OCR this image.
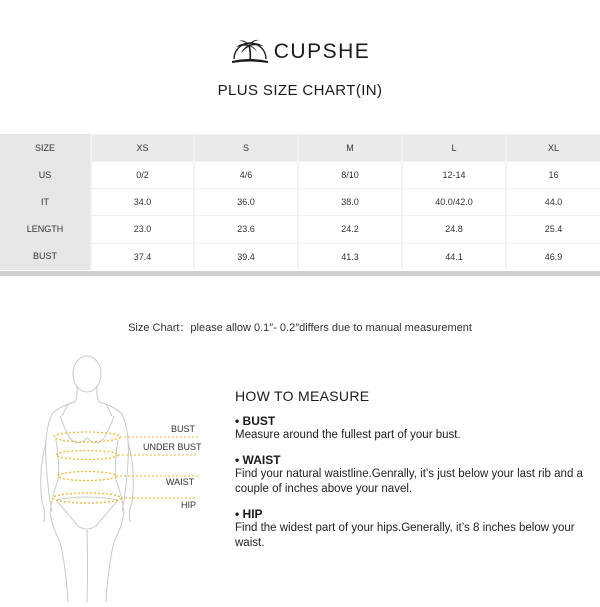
CUPSHE
PLUS SIZE CHART(IN)
SIZE	XS	S	M	L	XL
US	0/2	4/6	8/10	12-14	16
IT	34.0	36.0	38.0	40.0/42.0	44.0
LENGTH	23.0	23.6	24.2	24.8	25.4
BUST	37.4	39.4	41.3	44.1	46.9
Size Chart：please allow 0.1″- 0.2″differs due to manual measurement
BUST
UNDER BUST
WAIST
HIP
HOW TO MEASURE
• BUST
Measure around the fullest part of your bust.
• WAIST
Find your natural waistline.Genrally, it’s just below your last rib and a couple of inches above your navel.
• HIP
Find the widest part of your hips.Generally, it’s 8 inches below your waist.
